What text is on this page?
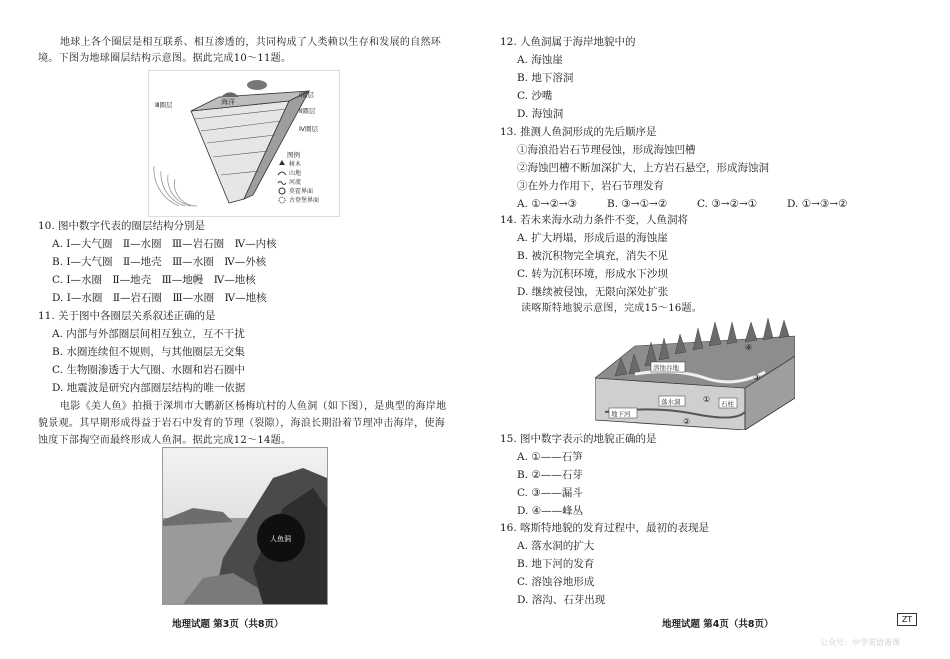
地球上各个圈层是相互联系、相互渗透的，共同构成了人类赖以生存和发展的自然环
境。下图为地球圈层结构示意图。据此完成10～11题。
海洋
Ⅰ圈层
Ⅱ圈层
Ⅳ圈层
Ⅲ圈层
图例
树木
山地
河流
莫霍界面
古登堡界面
10. 图中数字代表的圈层结构分别是
A. Ⅰ—大气圈　Ⅱ—水圈　Ⅲ—岩石圈　Ⅳ—内核
B. Ⅰ—大气圈　Ⅱ—地壳　Ⅲ—水圈　Ⅳ—外核
C. Ⅰ—水圈　Ⅱ—地壳　Ⅲ—地幔　Ⅳ—地核
D. Ⅰ—水圈　Ⅱ—岩石圈　Ⅲ—水圈　Ⅳ—地核
11. 关于图中各圈层关系叙述正确的是
A. 内部与外部圈层间相互独立，互不干扰
B. 水圈连续但不规则，与其他圈层无交集
C. 生物圈渗透于大气圈、水圈和岩石圈中
D. 地震波是研究内部圈层结构的唯一依据
电影《美人鱼》拍摄于深圳市大鹏新区杨梅坑村的人鱼洞（如下图），是典型的海岸地
貌景观。其早期形成得益于岩石中发育的节理（裂隙），海浪长期沿着节理冲击海岸，使海
蚀度下部掏空而最终形成人鱼洞。据此完成12～14题。
人鱼洞
地理试题 第3页（共8页）
12. 人鱼洞属于海岸地貌中的
A. 海蚀崖
B. 地下溶洞
C. 沙嘴
D. 海蚀洞
13. 推测人鱼洞形成的先后顺序是
①海浪沿岩石节理侵蚀，形成海蚀凹槽
②海蚀凹槽不断加深扩大，上方岩石悬空，形成海蚀洞
③在外力作用下，岩石节理发育
A. ①→②→③	B. ③→①→②	C. ③→②→①	D. ①→③→②
14. 若未来海水动力条件不变，人鱼洞将
A. 扩大坍塌，形成后退的海蚀崖
B. 被沉积物完全填充，消失不见
C. 转为沉积环境，形成水下沙坝
D. 继续被侵蚀，无限向深处扩张
读喀斯特地貌示意图，完成15～16题。
溶蚀谷地
落水洞	石柱
地下河
①
②
③
④
15. 图中数字表示的地貌正确的是
A. ①——石笋
B. ②——石芽
C. ③——漏斗
D. ④——峰丛
16. 喀斯特地貌的发育过程中，最初的表现是
A. 落水洞的扩大
B. 地下河的发育
C. 溶蚀谷地形成
D. 溶沟、石芽出现
地理试题 第4页（共8页）	ZT
公众号：中学英语备课
